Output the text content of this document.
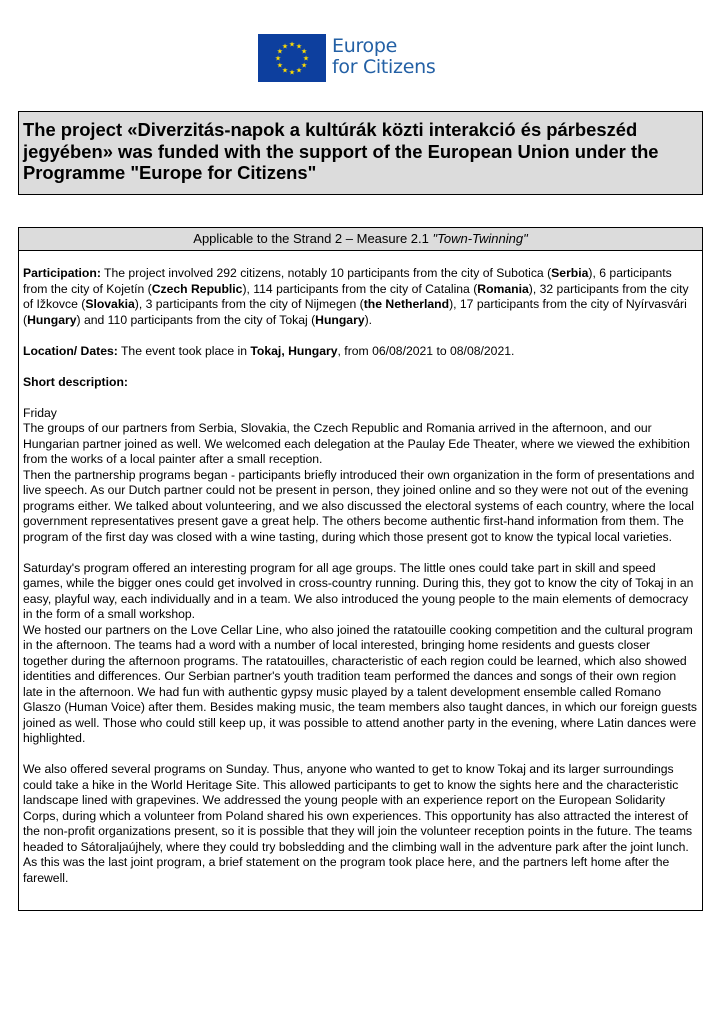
★ ★
★
★
★
★
★
★
★
★
★
★ Europe
for Citizens
The project «Diverzitás-napok a kultúrák közti interakció és párbeszéd jegyében» was funded with the support of the European Union under the Programme "Europe for Citizens"
Applicable to the Strand 2 – Measure 2.1 "Town-Twinning"

Participation: The project involved 292 citizens, notably 10 participants from the city of Subotica (Serbia), 6 participants from the city of Kojetín (Czech Republic), 114 participants from the city of Catalina (Romania), 32 participants from the city of Ižkovce (Slovakia), 3 participants from the city of Nijmegen (the Netherland), 17 participants from the city of Nyírvasvári (Hungary) and 110 participants from the city of Tokaj (Hungary).

Location/ Dates: The event took place in Tokaj, Hungary, from 06/08/2021 to 08/08/2021.

Short description:

Friday

The groups of our partners from Serbia, Slovakia, the Czech Republic and Romania arrived in the afternoon, and our Hungarian partner joined as well. We welcomed each delegation at the Paulay Ede Theater, where we viewed the exhibition from the works of a local painter after a small reception.

Then the partnership programs began - participants briefly introduced their own organization in the form of presentations and live speech. As our Dutch partner could not be present in person, they joined online and so they were not out of the evening programs either. We talked about volunteering, and we also discussed the electoral systems of each country, where the local government representatives present gave a great help. The others become authentic first-hand information from them. The program of the first day was closed with a wine tasting, during which those present got to know the typical local varieties.

Saturday's program offered an interesting program for all age groups. The little ones could take part in skill and speed games, while the bigger ones could get involved in cross-country running. During this, they got to know the city of Tokaj in an easy, playful way, each individually and in a team. We also introduced the young people to the main elements of democracy in the form of a small workshop.

We hosted our partners on the Love Cellar Line, who also joined the ratatouille cooking competition and the cultural program in the afternoon. The teams had a word with a number of local interested, bringing home residents and guests closer together during the afternoon programs. The ratatouilles, characteristic of each region could be learned, which also showed identities and differences. Our Serbian partner's youth tradition team performed the dances and songs of their own region late in the afternoon. We had fun with authentic gypsy music played by a talent development ensemble called Romano Glaszo (Human Voice) after them. Besides making music, the team members also taught dances, in which our foreign guests joined as well. Those who could still keep up, it was possible to attend another party in the evening, where Latin dances were highlighted.

We also offered several programs on Sunday. Thus, anyone who wanted to get to know Tokaj and its larger surroundings could take a hike in the World Heritage Site. This allowed participants to get to know the sights here and the characteristic landscape lined with grapevines. We addressed the young people with an experience report on the European Solidarity Corps, during which a volunteer from Poland shared his own experiences. This opportunity has also attracted the interest of the non-profit organizations present, so it is possible that they will join the volunteer reception points in the future. The teams headed to Sátoraljaújhely, where they could try bobsledding and the climbing wall in the adventure park after the joint lunch. As this was the last joint program, a brief statement on the program took place here, and the partners left home after the farewell.
